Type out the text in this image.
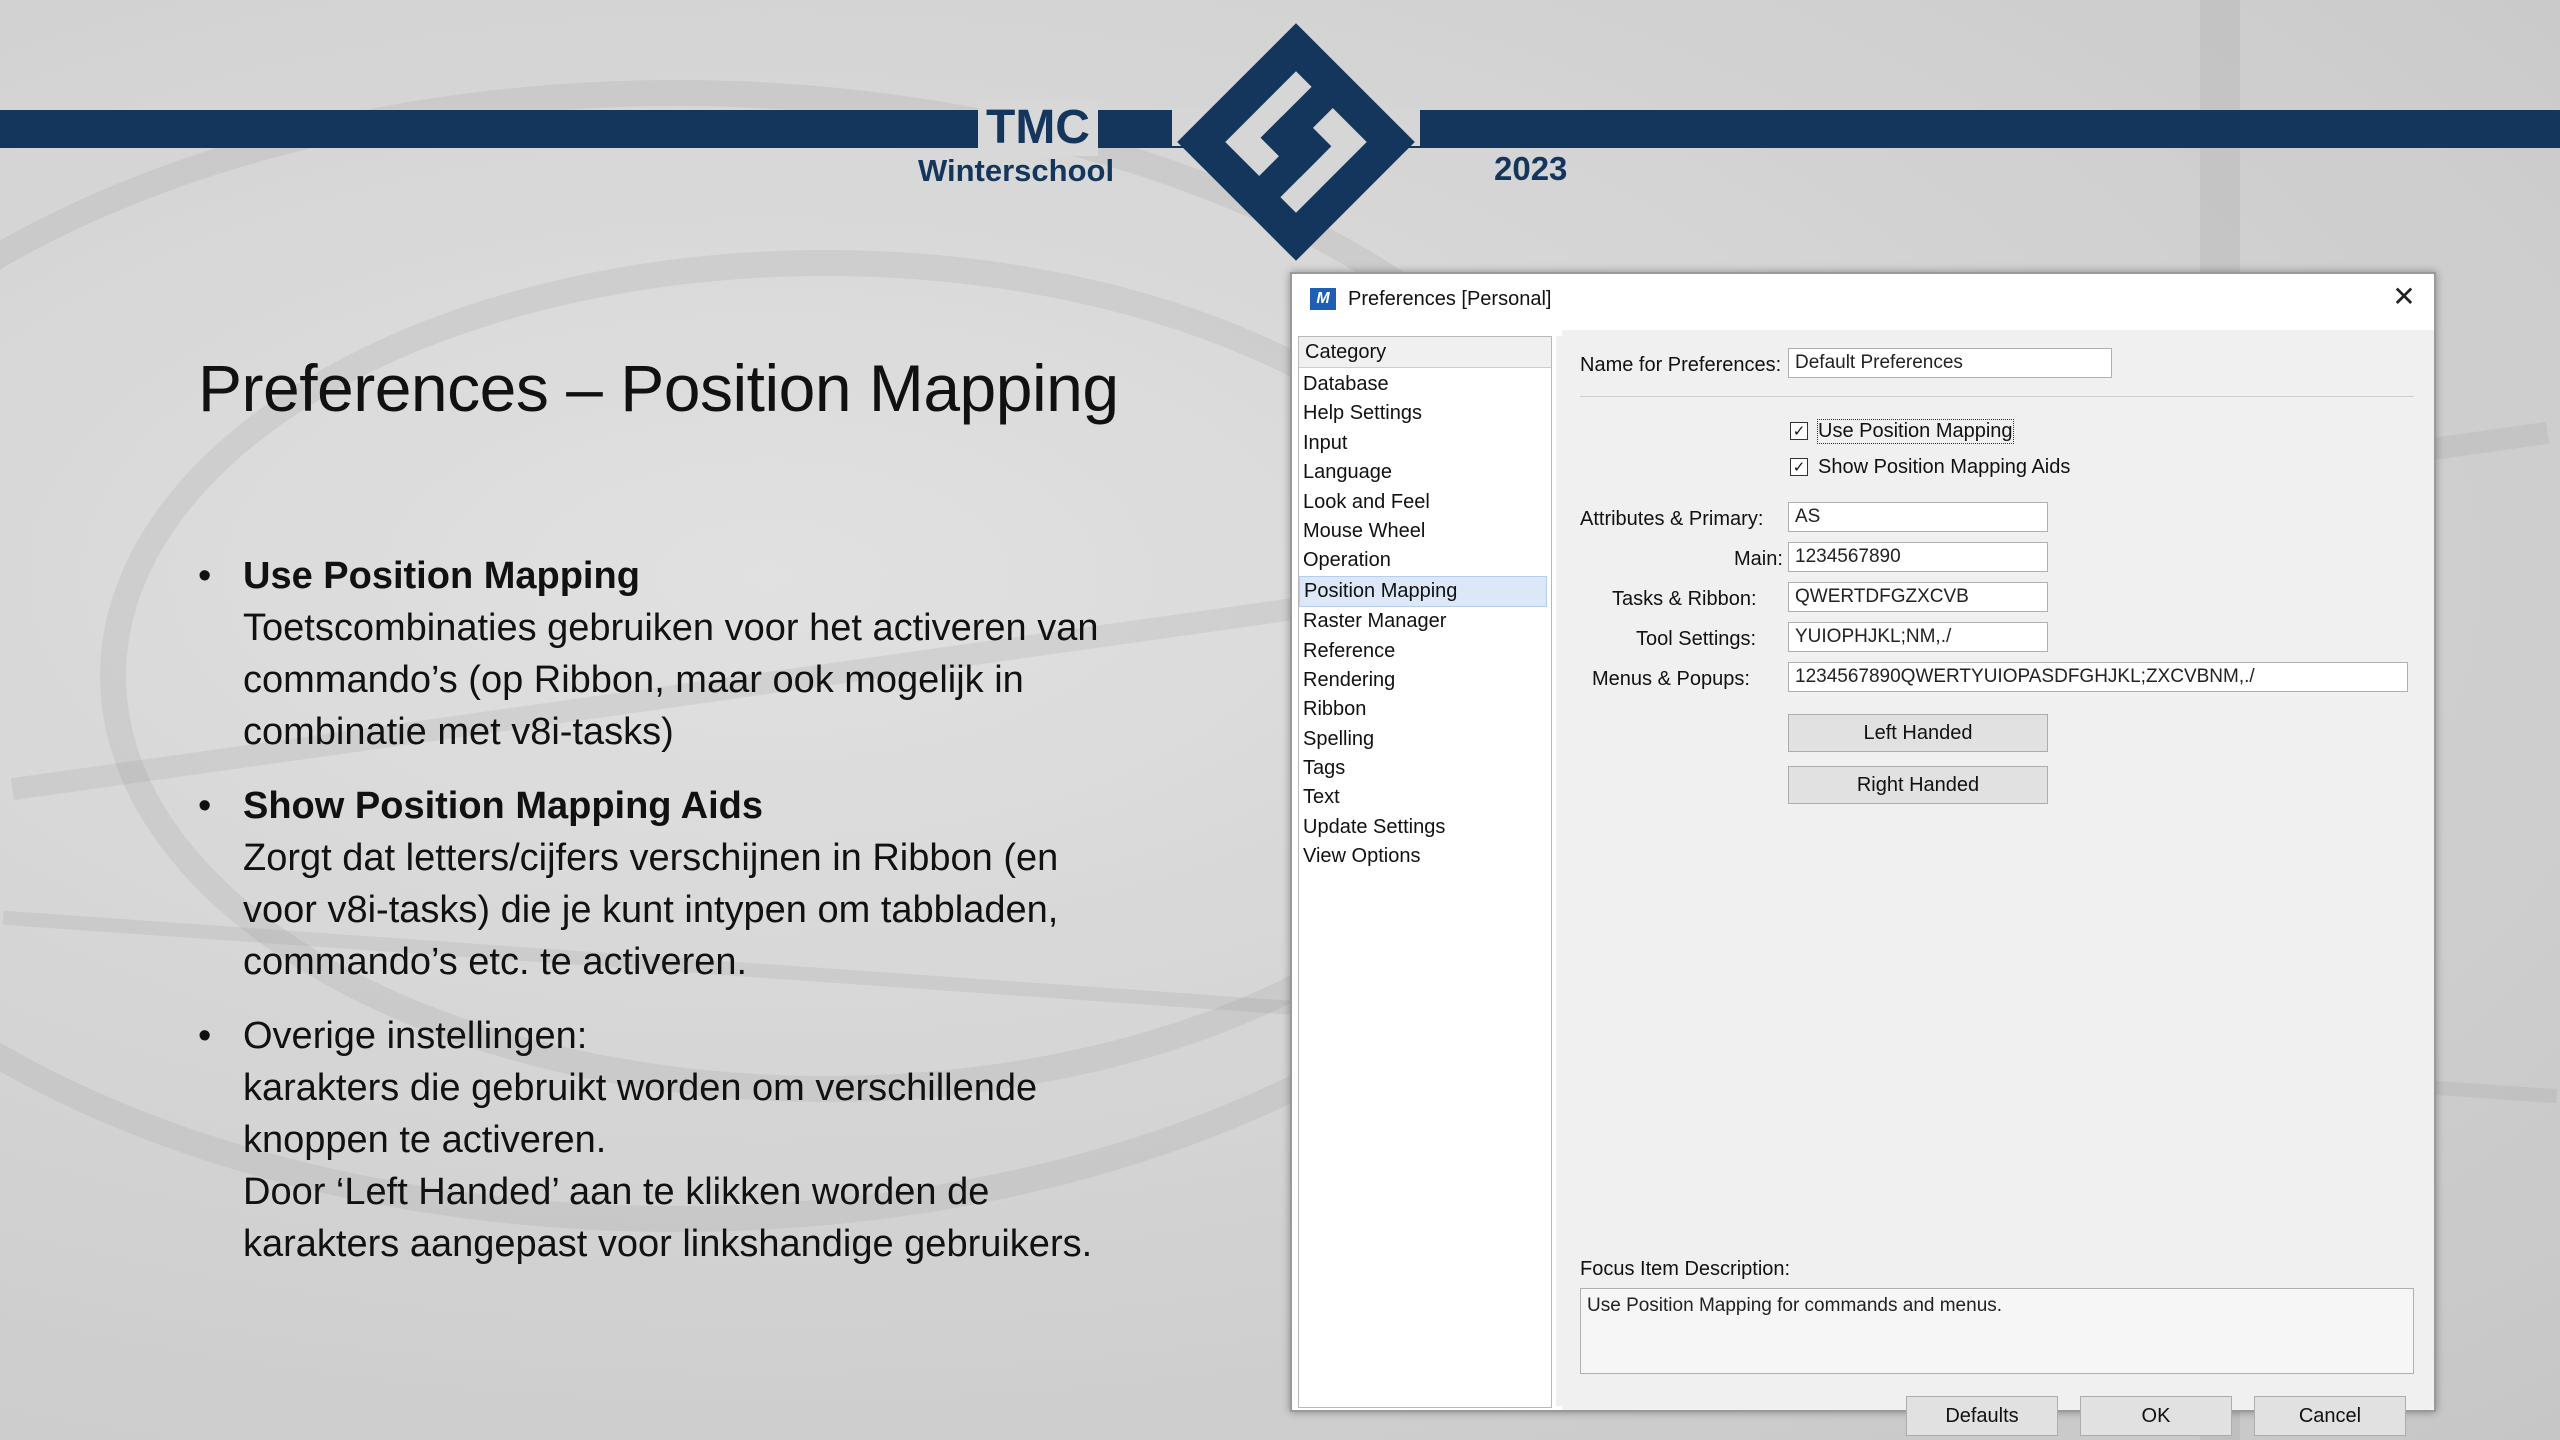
TMC
Winterschool	2023
Preferences – Position Mapping
• Use Position Mapping
Toetscombinaties gebruiken voor het activeren van
commando’s (op Ribbon, maar ook mogelijk in
combinatie met v8i-tasks)
• Show Position Mapping Aids
Zorgt dat letters/cijfers verschijnen in Ribbon (en
voor v8i-tasks) die je kunt intypen om tabbladen,
commando’s etc. te activeren.
• Overige instellingen:
karakters die gebruikt worden om verschillende
knoppen te activeren.
Door ‘Left Handed’ aan te klikken worden de
karakters aangepast voor linkshandige gebruikers.
M Preferences [Personal]	✕
Category
Database
Help Settings
Input
Language
Look and Feel
Mouse Wheel
Operation
Position Mapping
Raster Manager
Reference
Rendering
Ribbon
Spelling
Tags
Text
Update Settings
View Options
Name for Preferences: Default Preferences
✓ Use Position Mapping
✓ Show Position Mapping Aids
Attributes & Primary:	AS
Main: 1234567890
Tasks & Ribbon:	QWERTDFGZXCVB
Tool Settings:	YUIOPHJKL;NM,./
Menus & Popups:	1234567890QWERTYUIOPASDFGHJKL;ZXCVBNM,./
Left Handed
Right Handed
Focus Item Description:
Use Position Mapping for commands and menus.
Defaults	OK	Cancel
